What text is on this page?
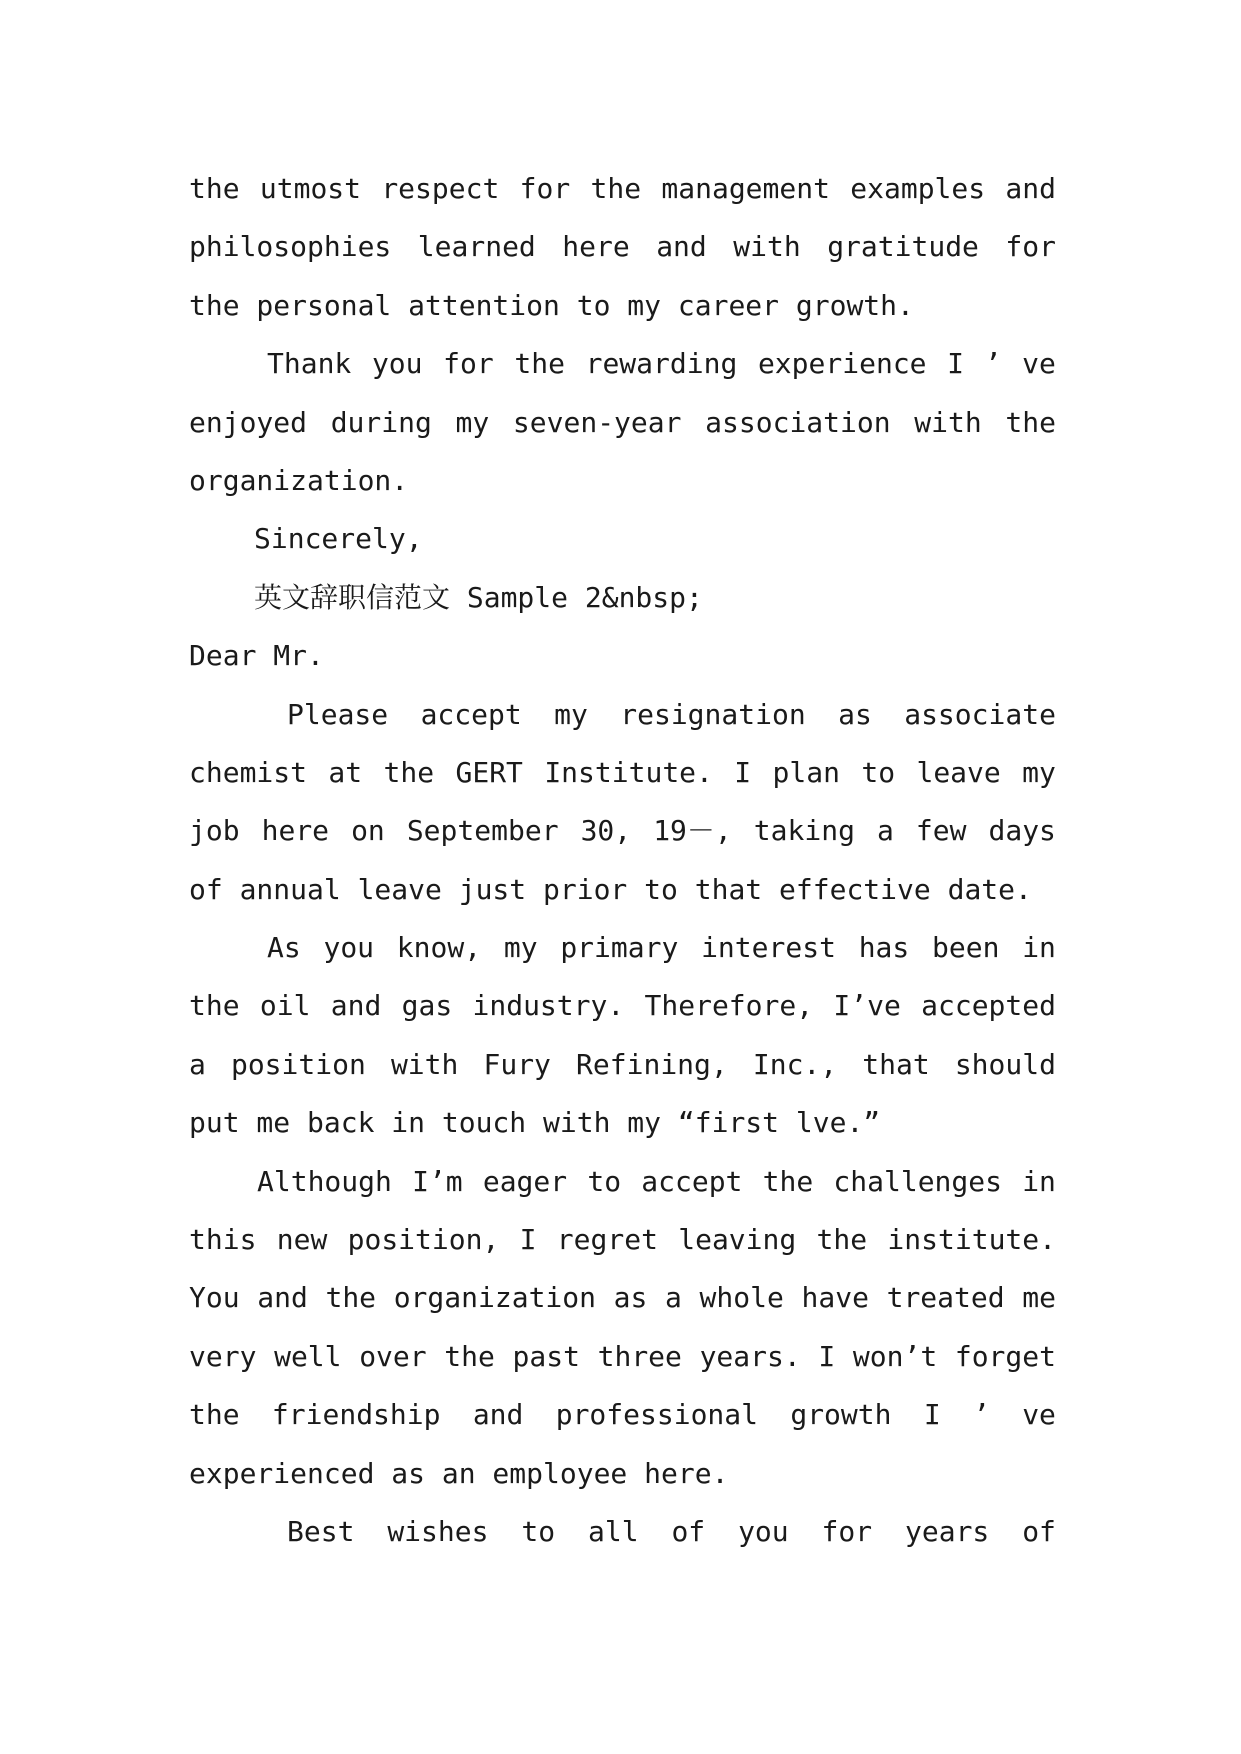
the utmost respect for the management examples and
philosophies learned here and with gratitude for
the personal attention to my career growth.
Thank you for the rewarding experience I ’ ve
enjoyed during my seven-year association with the
organization.
Sincerely,
英文辞职信范文 Sample 2&nbsp;
Dear Mr.
Please accept my resignation as associate
chemist at the GERT Institute. I plan to leave my
job here on September 30, 19－, taking a few days
of annual leave just prior to that effective date.
As you know, my primary interest has been in
the oil and gas industry. Therefore, I’ve accepted
a position with Fury Refining, Inc., that should
put me back in touch with my “first lve.”
Although I’m eager to accept the challenges in
this new position, I regret leaving the institute.
You and the organization as a whole have treated me
very well over the past three years. I won’t forget
the friendship and professional growth I ’ ve
experienced as an employee here.
Best wishes to all of you for years of
